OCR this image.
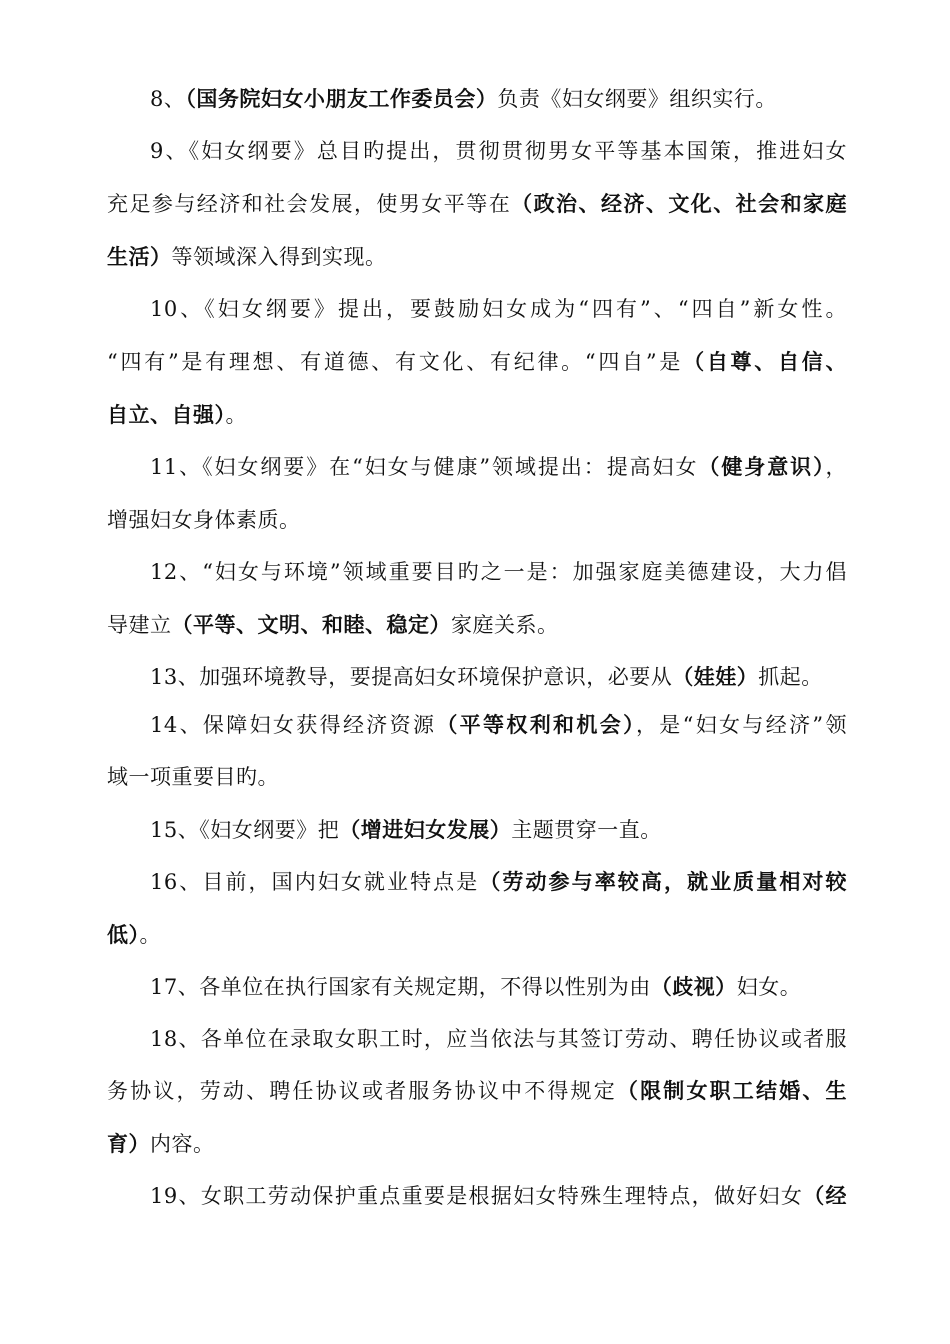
8、（国务院妇女小朋友工作委员会）负责《妇女纲要》组织实行。
9、《妇女纲要》总目旳提出，贯彻贯彻男女平等基本国策，推进妇女
充足参与经济和社会发展，使男女平等在（政治、经济、文化、社会和家庭
生活）等领域深入得到实现。
10、《妇女纲要》提出，要鼓励妇女成为“四有”、“四自”新女性。
“四有”是有理想、有道德、有文化、有纪律。“四自”是（自尊、自信、
自立、自强）。
11、《妇女纲要》在“妇女与健康”领域提出：提高妇女（健身意识），
增强妇女身体素质。
12、“妇女与环境”领域重要目旳之一是：加强家庭美德建设，大力倡
导建立（平等、文明、和睦、稳定）家庭关系。
13、加强环境教导，要提高妇女环境保护意识，必要从（娃娃）抓起。
14、保障妇女获得经济资源（平等权利和机会），是“妇女与经济”领
域一项重要目旳。
15、《妇女纲要》把（增进妇女发展）主题贯穿一直。
16、目前，国内妇女就业特点是（劳动参与率较高，就业质量相对较
低）。
17、各单位在执行国家有关规定期，不得以性别为由（歧视）妇女。
18、各单位在录取女职工时，应当依法与其签订劳动、聘任协议或者服
务协议，劳动、聘任协议或者服务协议中不得规定（限制女职工结婚、生
育）内容。
19、女职工劳动保护重点重要是根据妇女特殊生理特点，做好妇女（经
